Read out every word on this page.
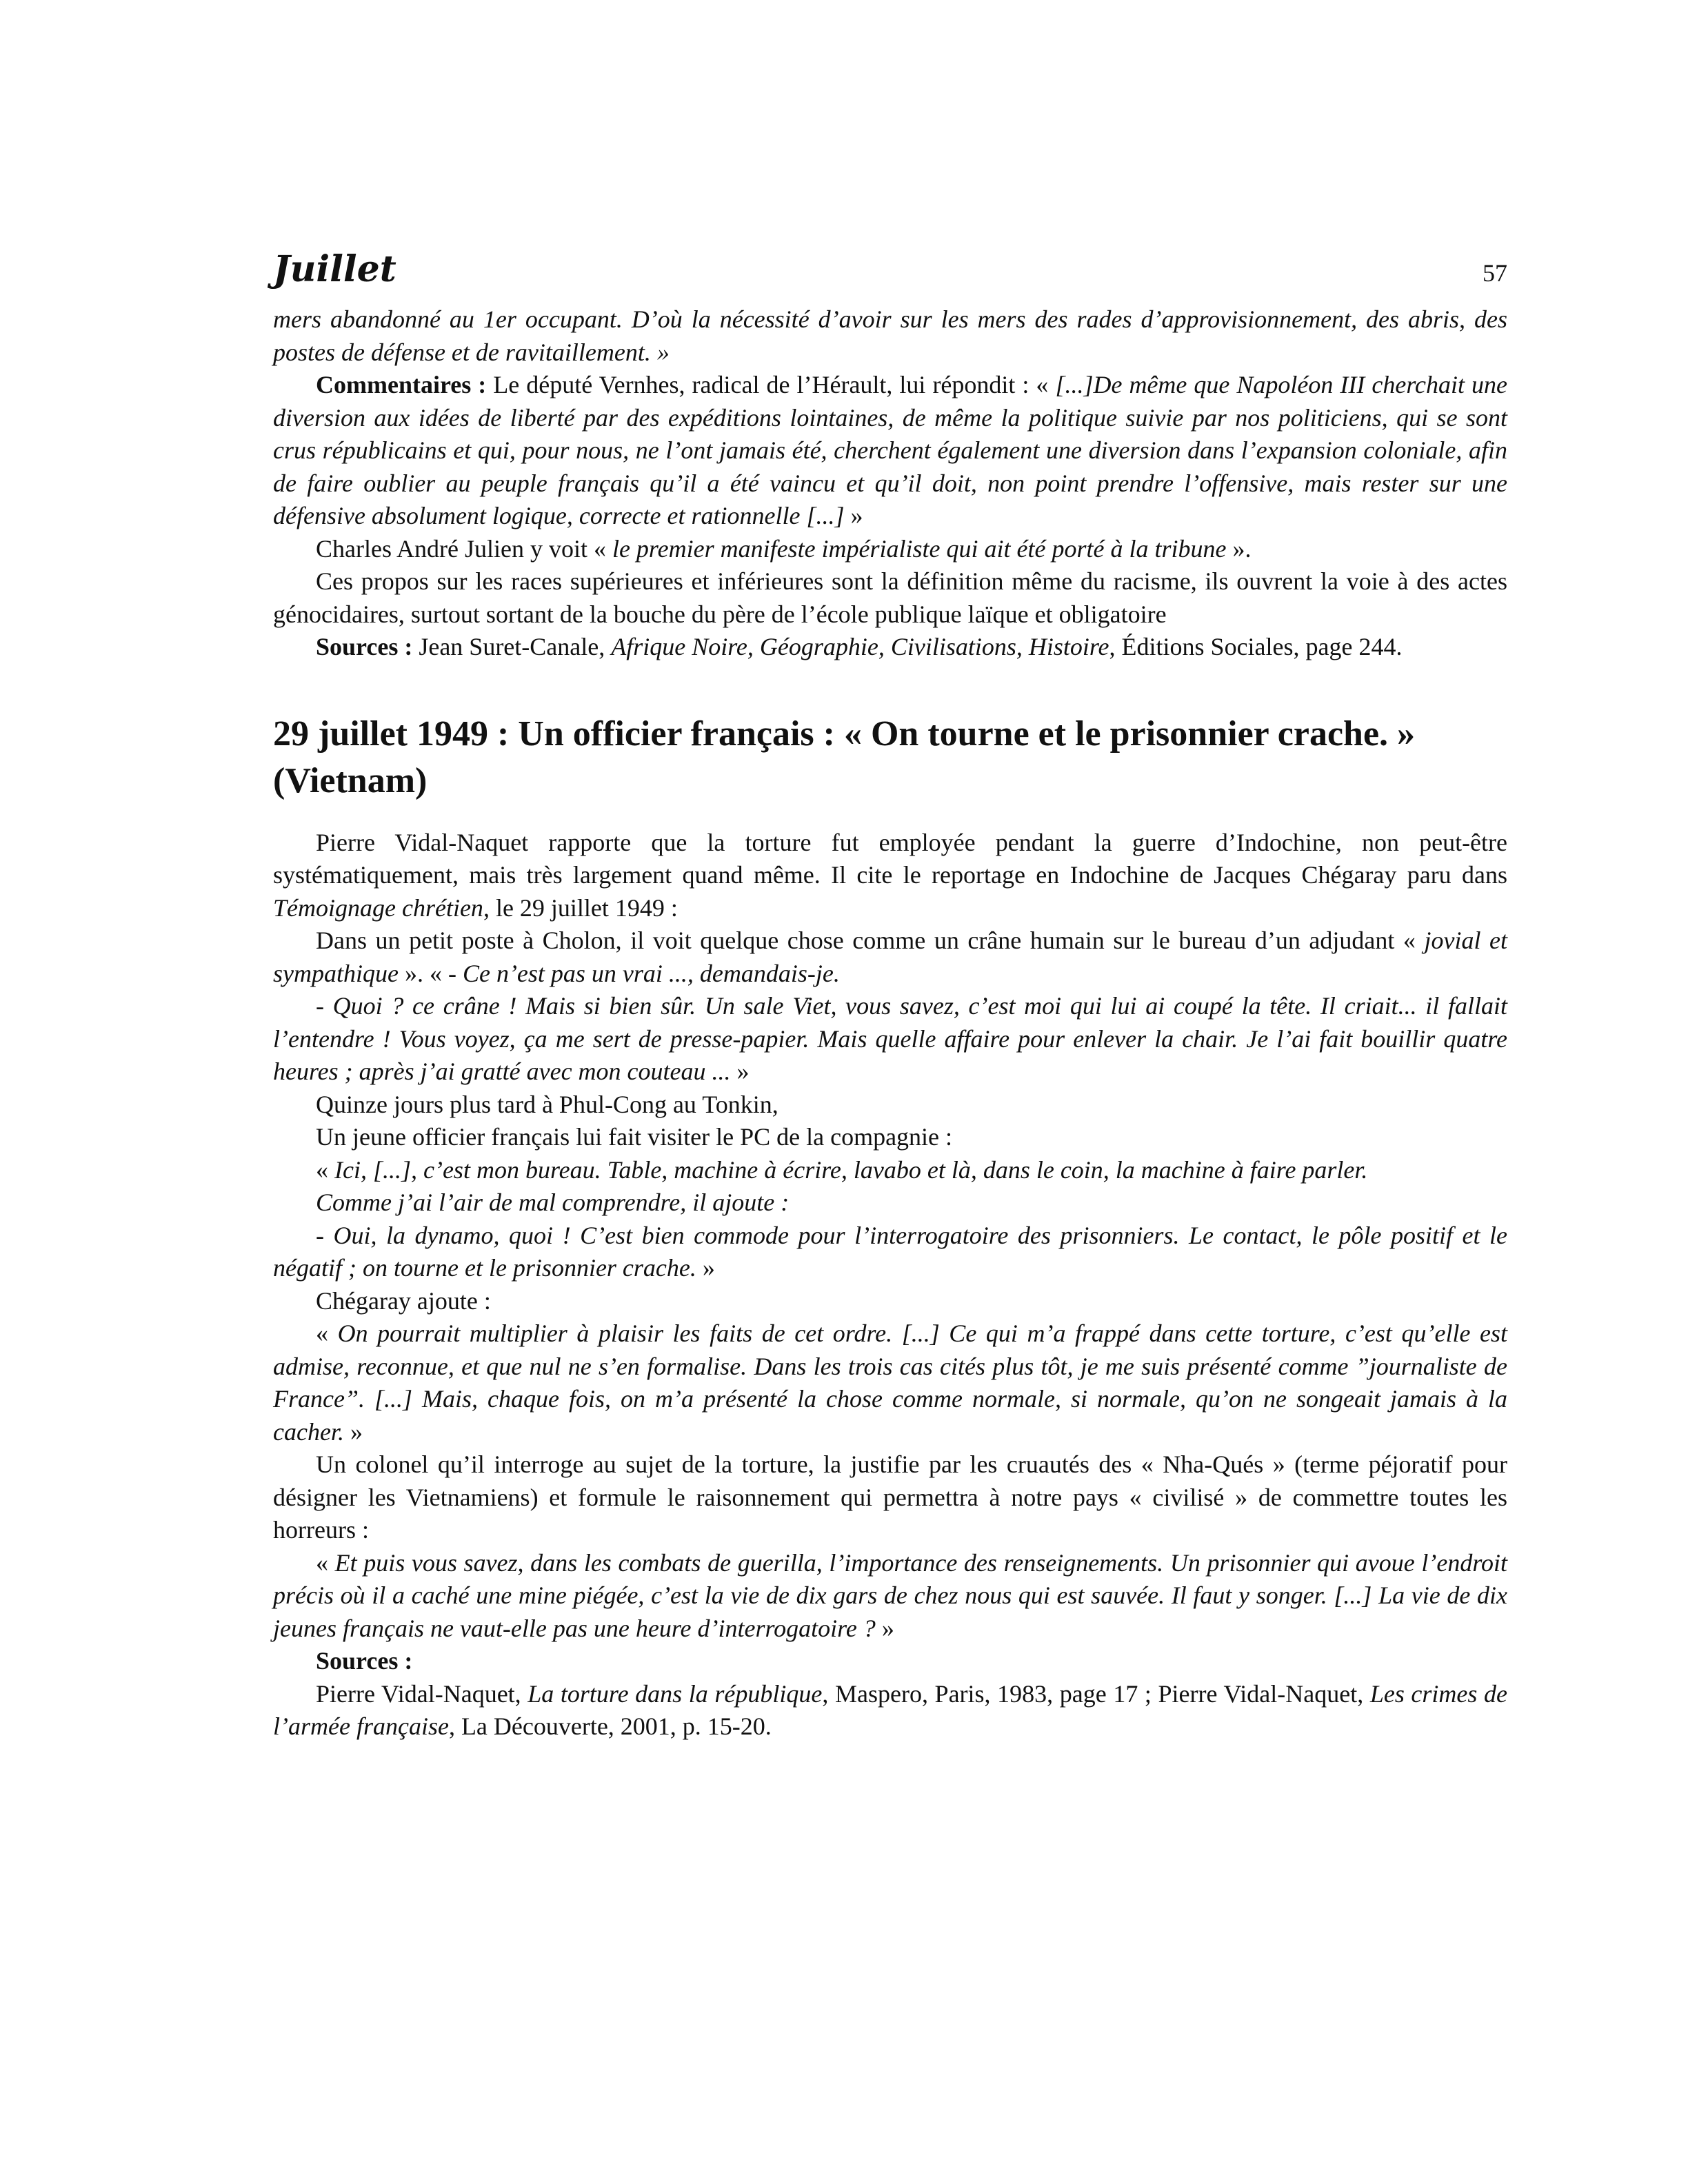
Juillet	57

mers abandonné au 1er occupant. D’où la nécessité d’avoir sur les mers des rades d’approvisionnement, des abris, des postes de défense et de ravitaillement. »

Commentaires : Le député Vernhes, radical de l’Hérault, lui répondit : « [...]De même que Napoléon III cherchait une diversion aux idées de liberté par des expéditions lointaines, de même la politique suivie par nos politiciens, qui se sont crus républicains et qui, pour nous, ne l’ont jamais été, cherchent également une diversion dans l’expansion coloniale, afin de faire oublier au peuple français qu’il a été vaincu et qu’il doit, non point prendre l’offensive, mais rester sur une défensive absolument logique, correcte et rationnelle [...] »

Charles André Julien y voit « le premier manifeste impérialiste qui ait été porté à la tribune ».

Ces propos sur les races supérieures et inférieures sont la définition même du racisme, ils ouvrent la voie à des actes génocidaires, surtout sortant de la bouche du père de l’école publique laïque et obligatoire

Sources : Jean Suret-Canale, Afrique Noire, Géographie, Civilisations, Histoire, Éditions Sociales, page 244.

29 juillet 1949 : Un officier français : « On tourne et le prisonnier crache. » (Vietnam)

Pierre Vidal-Naquet rapporte que la torture fut employée pendant la guerre d’Indochine, non peut-être systématiquement, mais très largement quand même. Il cite le reportage en Indochine de Jacques Chégaray paru dans Témoignage chrétien, le 29 juillet 1949 :

Dans un petit poste à Cholon, il voit quelque chose comme un crâne humain sur le bureau d’un adjudant « jovial et sympathique ». « - Ce n’est pas un vrai ..., demandais-je.

- Quoi ? ce crâne ! Mais si bien sûr. Un sale Viet, vous savez, c’est moi qui lui ai coupé la tête. Il criait... il fallait l’entendre ! Vous voyez, ça me sert de presse-papier. Mais quelle affaire pour enlever la chair. Je l’ai fait bouillir quatre heures ; après j’ai gratté avec mon couteau ... »

Quinze jours plus tard à Phul-Cong au Tonkin,

Un jeune officier français lui fait visiter le PC de la compagnie :

« Ici, [...], c’est mon bureau. Table, machine à écrire, lavabo et là, dans le coin, la machine à faire parler.

Comme j’ai l’air de mal comprendre, il ajoute :

- Oui, la dynamo, quoi ! C’est bien commode pour l’interrogatoire des prisonniers. Le contact, le pôle positif et le négatif ; on tourne et le prisonnier crache. »

Chégaray ajoute :

« On pourrait multiplier à plaisir les faits de cet ordre. [...] Ce qui m’a frappé dans cette torture, c’est qu’elle est admise, reconnue, et que nul ne s’en formalise. Dans les trois cas cités plus tôt, je me suis présenté comme ”journaliste de France”. [...] Mais, chaque fois, on m’a présenté la chose comme normale, si normale, qu’on ne songeait jamais à la cacher. »

Un colonel qu’il interroge au sujet de la torture, la justifie par les cruautés des « Nha-Qués » (terme péjoratif pour désigner les Vietnamiens) et formule le raisonnement qui permettra à notre pays « civilisé » de commettre toutes les horreurs :

« Et puis vous savez, dans les combats de guerilla, l’importance des renseignements. Un prisonnier qui avoue l’endroit précis où il a caché une mine piégée, c’est la vie de dix gars de chez nous qui est sauvée. Il faut y songer. [...] La vie de dix jeunes français ne vaut-elle pas une heure d’interrogatoire ? »

Sources :

Pierre Vidal-Naquet, La torture dans la république, Maspero, Paris, 1983, page 17 ; Pierre Vidal-Naquet, Les crimes de l’armée française, La Découverte, 2001, p. 15-20.
